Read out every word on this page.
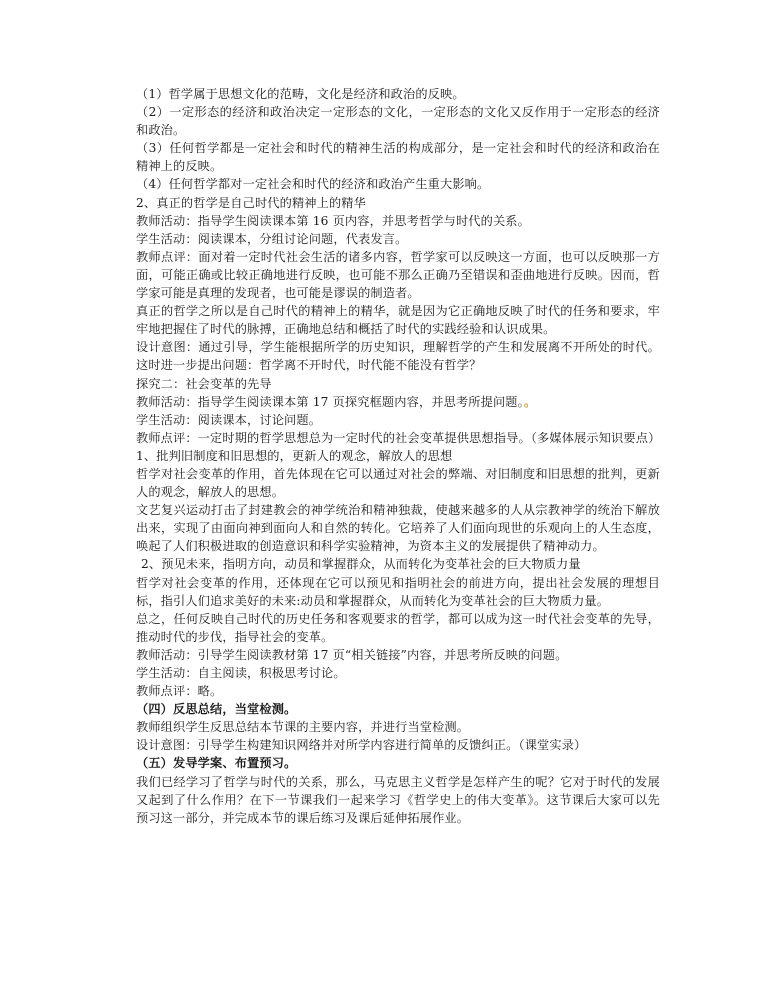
（1）哲学属于思想文化的范畴，文化是经济和政治的反映。

（2）一定形态的经济和政治决定一定形态的文化，一定形态的文化又反作用于一定形态的经济和政治。

（3）任何哲学都是一定社会和时代的精神生活的构成部分，是一定社会和时代的经济和政治在精神上的反映。

（4）任何哲学都对一定社会和时代的经济和政治产生重大影响。

2、真正的哲学是自己时代的精神上的精华

教师活动：指导学生阅读课本第 16 页内容，并思考哲学与时代的关系。

学生活动：阅读课本，分组讨论问题，代表发言。

教师点评：面对着一定时代社会生活的诸多内容，哲学家可以反映这一方面，也可以反映那一方面，可能正确或比较正确地进行反映，也可能不那么正确乃至错误和歪曲地进行反映。因而，哲学家可能是真理的发现者，也可能是谬误的制造者。

真正的哲学之所以是自己时代的精神上的精华，就是因为它正确地反映了时代的任务和要求，牢牢地把握住了时代的脉搏，正确地总结和概括了时代的实践经验和认识成果。

设计意图：通过引导，学生能根据所学的历史知识，理解哲学的产生和发展离不开所处的时代。这时进一步提出问题：哲学离不开时代，时代能不能没有哲学？

探究二：社会变革的先导

教师活动：指导学生阅读课本第 17 页探究框题内容，并思考所提问题。。

学生活动：阅读课本，讨论问题。

教师点评：一定时期的哲学思想总为一定时代的社会变革提供思想指导。（多媒体展示知识要点）

1、批判旧制度和旧思想的，更新人的观念，解放人的思想

哲学对社会变革的作用，首先体现在它可以通过对社会的弊端、对旧制度和旧思想的批判，更新人的观念，解放人的思想。

文艺复兴运动打击了封建教会的神学统治和精神独裁，使越来越多的人从宗教神学的统治下解放出来，实现了由面向神到面向人和自然的转化。它培养了人们面向现世的乐观向上的人生态度，唤起了人们积极进取的创造意识和科学实验精神，为资本主义的发展提供了精神动力。

2、预见未来，指明方向，动员和掌握群众，从而转化为变革社会的巨大物质力量

哲学对社会变革的作用，还体现在它可以预见和指明社会的前进方向，提出社会发展的理想目标，指引人们追求美好的未来:动员和掌握群众，从而转化为变革社会的巨大物质力量。

总之，任何反映自己时代的历史任务和客观要求的哲学，都可以成为这一时代社会变革的先导，推动时代的步伐，指导社会的变革。

教师活动：引导学生阅读教材第 17 页“相关链接”内容，并思考所反映的问题。

学生活动：自主阅读，积极思考讨论。

教师点评：略。

（四）反思总结，当堂检测。

教师组织学生反思总结本节课的主要内容，并进行当堂检测。

设计意图：引导学生构建知识网络并对所学内容进行简单的反馈纠正。（课堂实录）

（五）发导学案、布置预习。

我们已经学习了哲学与时代的关系，那么，马克思主义哲学是怎样产生的呢？它对于时代的发展又起到了什么作用？在下一节课我们一起来学习《哲学史上的伟大变革》。这节课后大家可以先预习这一部分，并完成本节的课后练习及课后延伸拓展作业。
